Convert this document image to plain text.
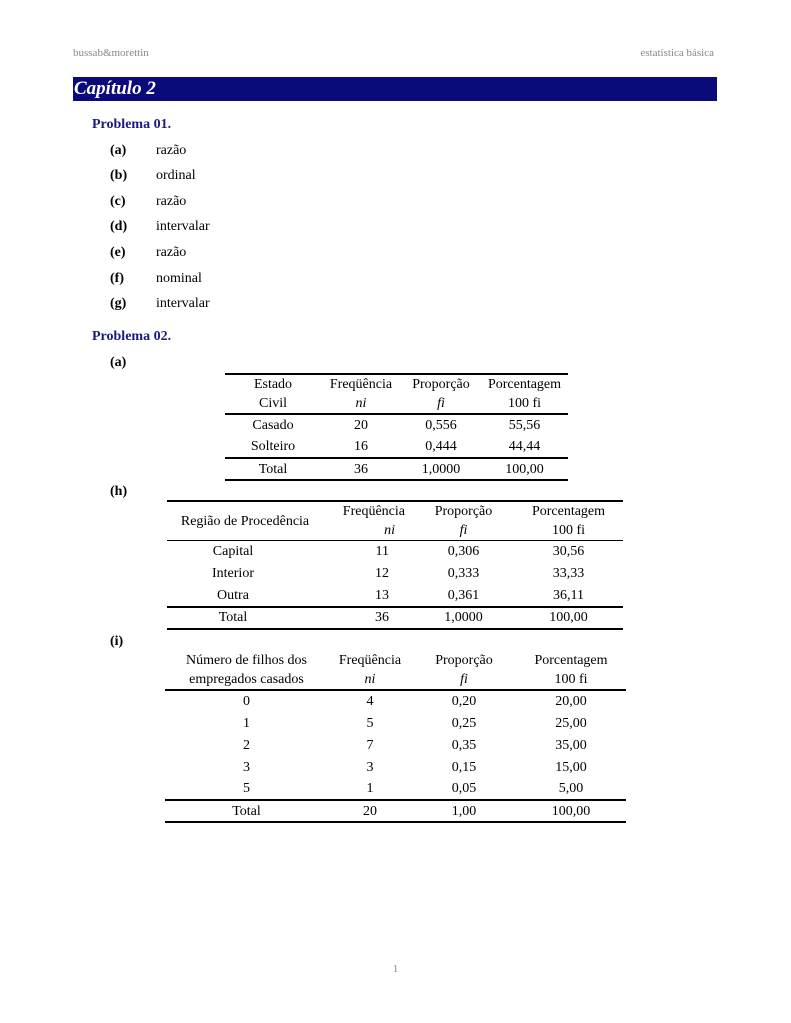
bussab&morettin	estatística básica
Capítulo 2
Problema 01.
(a) razão
(b) ordinal
(c) razão
(d) intervalar
(e) razão
(f) nominal
(g) intervalar
Problema 02.
(a)
Estado	Freqüência	Proporção	Porcentagem
Civil	ni	fi	100 fi
Casado	20	0,556	55,56
Solteiro	16	0,444	44,44
Total	36	1,0000	100,00
(h)
Região de Procedência	Freqüência	Proporção	Porcentagem
	ni	fi	100 fi
Capital	11	0,306	30,56
Interior	12	0,333	33,33
Outra	13	0,361	36,11
Total	36	1,0000	100,00
(i)
Número de filhos dos	Freqüência	Proporção	Porcentagem
empregados casados	ni	fi	100 fi
0	4	0,20	20,00
1	5	0,25	25,00
2	7	0,35	35,00
3	3	0,15	15,00
5	1	0,05	5,00
Total	20	1,00	100,00
1
